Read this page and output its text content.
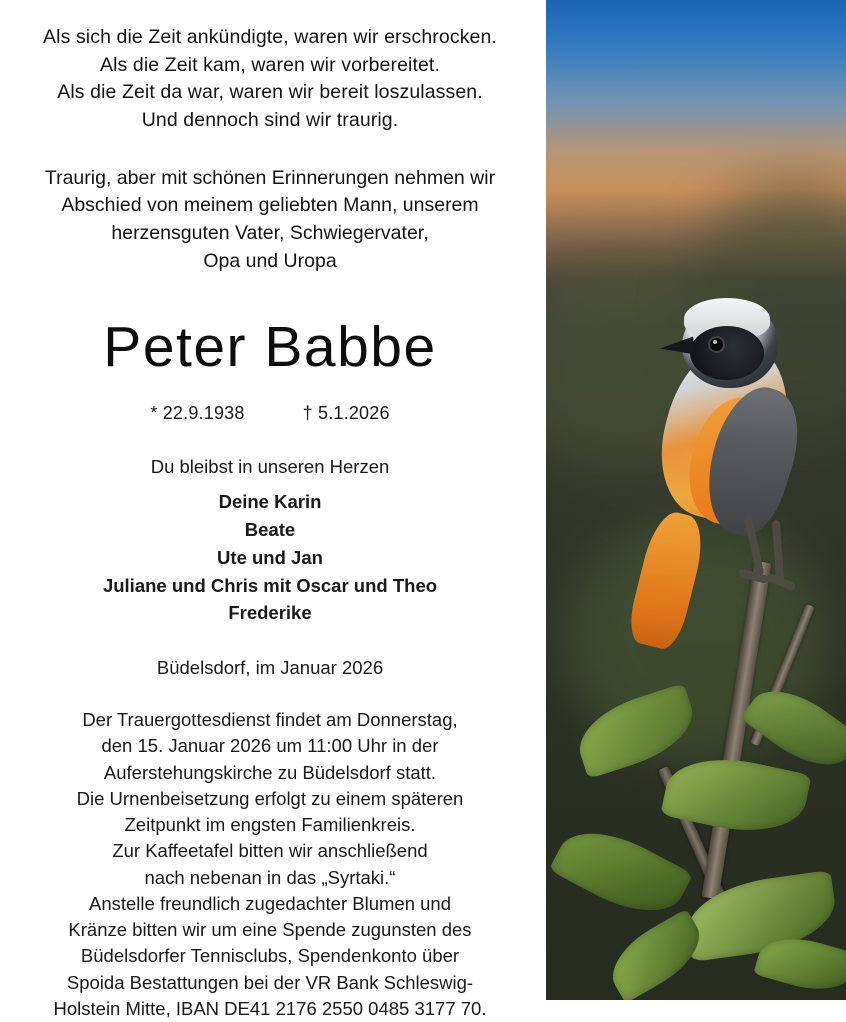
Als sich die Zeit ankündigte, waren wir erschrocken.
Als die Zeit kam, waren wir vorbereitet.
Als die Zeit da war, waren wir bereit loszulassen.
Und dennoch sind wir traurig.
Traurig, aber mit schönen Erinnerungen nehmen wir
Abschied von meinem geliebten Mann, unserem
herzensguten Vater, Schwiegervater,
Opa und Uropa
Peter Babbe
* 22.9.1938	† 5.1.2026
Du bleibst in unseren Herzen
Deine Karin
Beate
Ute und Jan
Juliane und Chris mit Oscar und Theo
Frederike
Büdelsdorf, im Januar 2026
Der Trauergottesdienst findet am Donnerstag,
den 15. Januar 2026 um 11:00 Uhr in der
Auferstehungskirche zu Büdelsdorf statt.
Die Urnenbeisetzung erfolgt zu einem späteren
Zeitpunkt im engsten Familienkreis.
Zur Kaffeetafel bitten wir anschließend
nach nebenan in das „Syrtaki.“
Anstelle freundlich zugedachter Blumen und
Kränze bitten wir um eine Spende zugunsten des
Büdelsdorfer Tennisclubs, Spendenkonto über
Spoida Bestattungen bei der VR Bank Schleswig-
Holstein Mitte, IBAN DE41 2176 2550 0485 3177 70.
